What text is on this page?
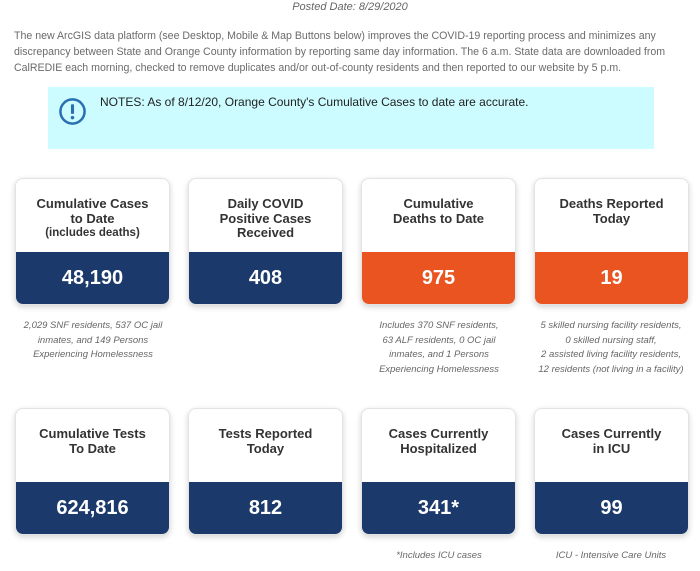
Posted Date: 8/29/2020
The new ArcGIS data platform (see Desktop, Mobile & Map Buttons below) improves the COVID-19 reporting process and minimizes any discrepancy between State and Orange County information by reporting same day information. The 6 a.m. State data are downloaded from CalREDIE each morning, checked to remove duplicates and/or out-of-county residents and then reported to our website by 5 p.m.
NOTES: As of 8/12/20, Orange County's Cumulative Cases to date are accurate.
Cumulative Cases
to Date
(includes deaths)
48,190
Daily COVID
Positive Cases
Received
408
Cumulative
Deaths to Date
975
Deaths Reported
Today
19
2,029 SNF residents, 537 OC jail
inmates, and 149 Persons
Experiencing Homelessness
Includes 370 SNF residents,
63 ALF residents, 0 OC jail
inmates, and 1 Persons
Experiencing Homelessness
5 skilled nursing facility residents,
0 skilled nursing staff,
2 assisted living facility residents,
12 residents (not living in a facility)
Cumulative Tests
To Date
624,816
Tests Reported
Today
812
Cases Currently
Hospitalized
341*
Cases Currently
in ICU
99
*Includes ICU cases	ICU - Intensive Care Units
